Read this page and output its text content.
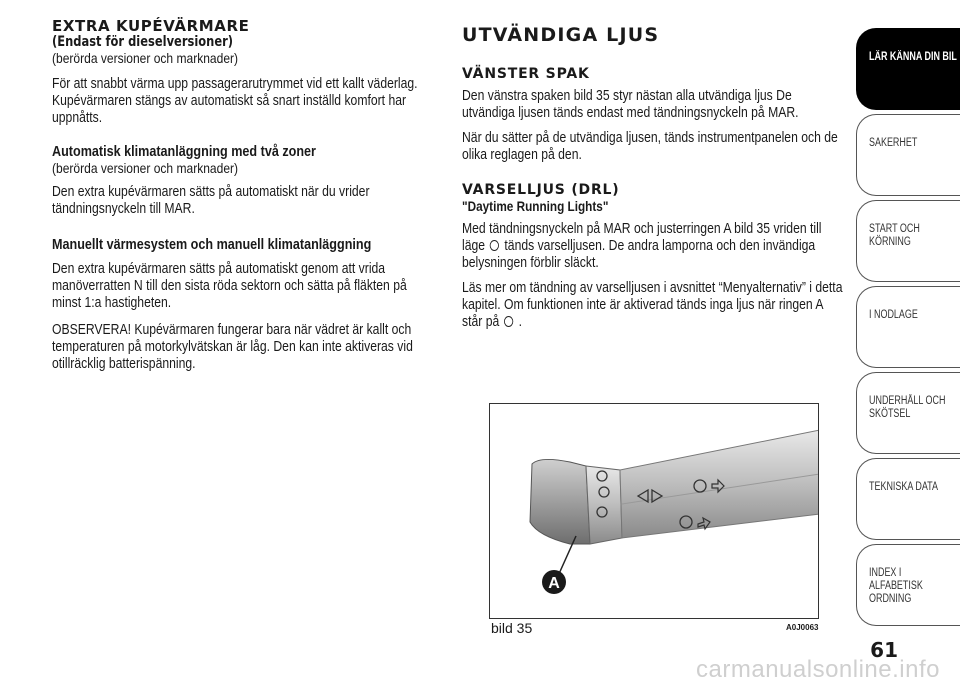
EXTRA KUPÉVÄRMARE
(Endast för dieselversioner)
(berörda versioner och marknader)

För att snabbt värma upp passagerarutrymmet vid ett kallt väderlag. Kupévärmaren stängs av automatiskt så snart inställd komfort har uppnåtts.

Automatisk klimatanläggning med två zoner
(berörda versioner och marknader)

Den extra kupévärmaren sätts på automatiskt när du vrider tändningsnyckeln till MAR.

Manuellt värmesystem och manuell klimatanläggning

Den extra kupévärmaren sätts på automatiskt genom att vrida manöverratten N till den sista röda sektorn och sätta på fläkten på minst 1:a hastigheten.

OBSERVERA! Kupévärmaren fungerar bara när vädret är kallt och temperaturen på motorkylvätskan är låg. Den kan inte aktiveras vid otillräcklig batterispänning.

UTVÄNDIGA LJUS
VÄNSTER SPAK

Den vänstra spaken bild 35 styr nästan alla utvändiga ljus De utvändiga ljusen tänds endast med tändningsnyckeln på MAR.

När du sätter på de utvändiga ljusen, tänds instrumentpanelen och de olika reglagen på den.

VARSELLJUS (DRL)
"Daytime Running Lights"

Med tändningsnyckeln på MAR och justerringen A bild 35 vriden till läge tänds varselljusen. De andra lamporna och den invändiga belysningen förblir släckt.

Läs mer om tändning av varselljusen i avsnittet “Menyalternativ” i detta kapitel. Om funktionen inte är aktiverad tänds inga ljus när ringen A står på .

A
bild 35	A0J0063
LÄR KÄNNA DIN BIL
SÄKERHET
START OCH KÖRNING
I NÖDLÄGE
UNDERHÅLL OCH SKÖTSEL
TEKNISKA DATA
INDEX I ALFABETISK ORDNING
61
carmanualsonline.info
